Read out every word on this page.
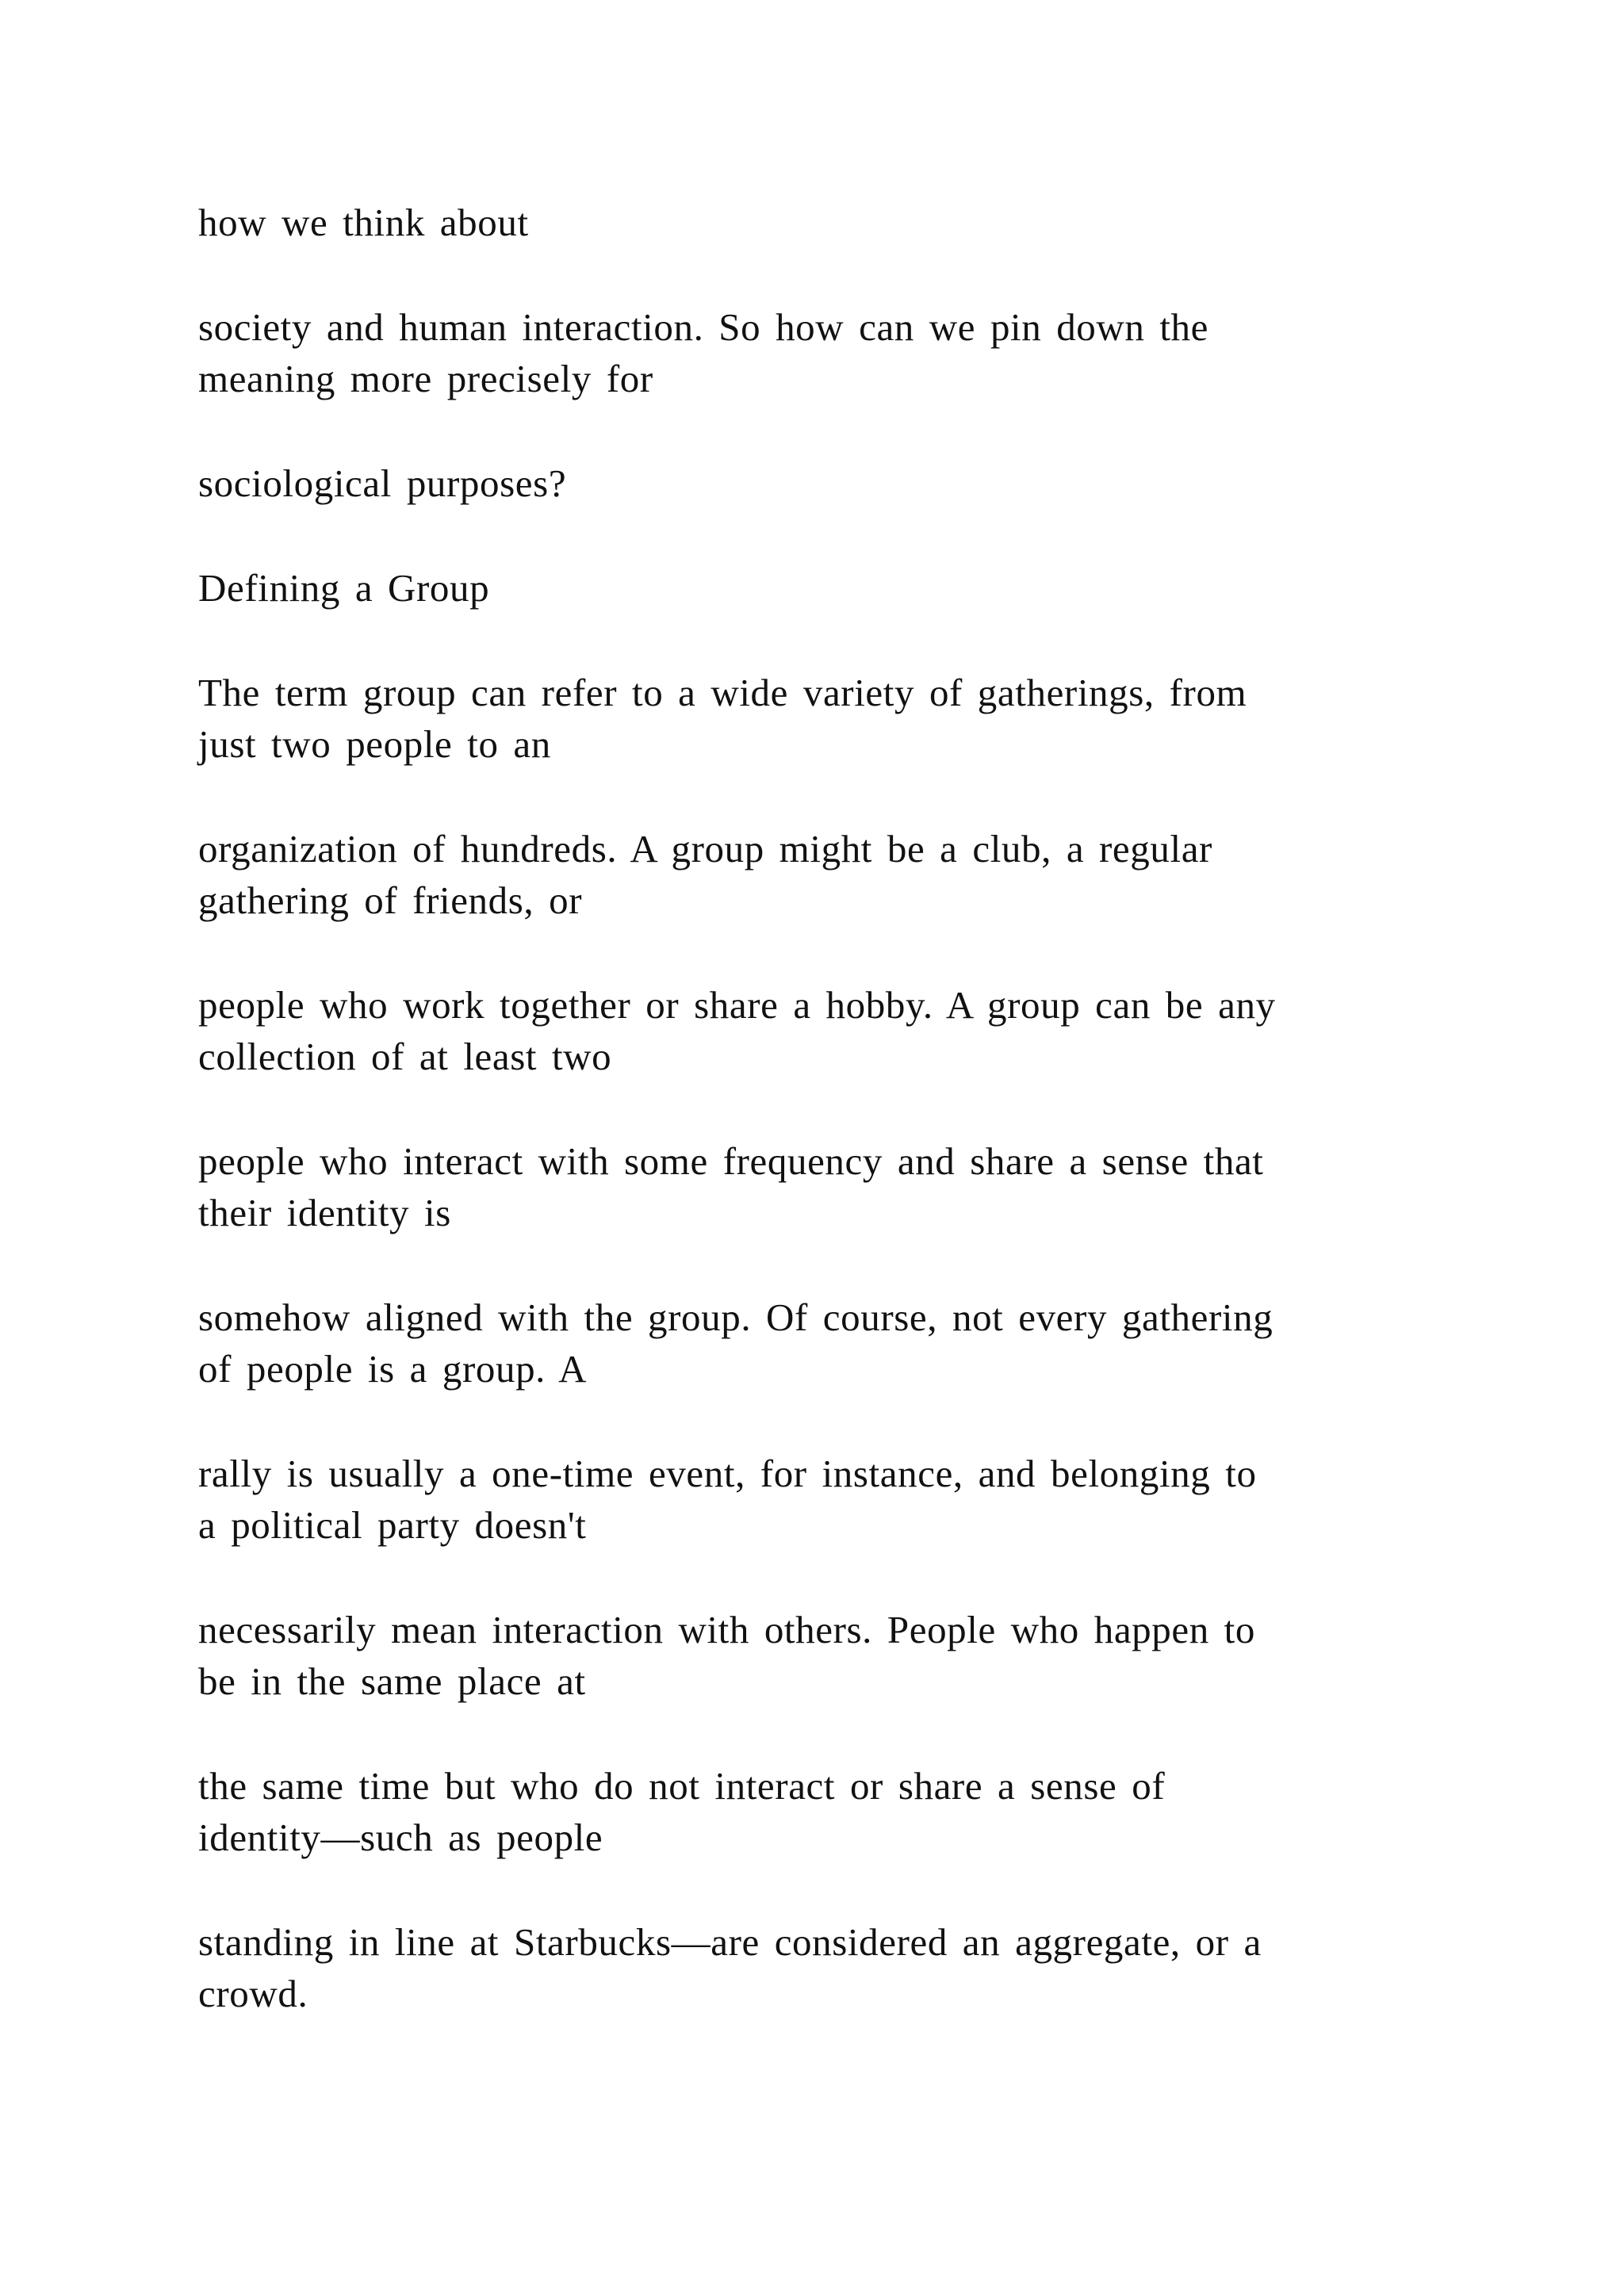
how we think about

society and human interaction. So how can we pin down the
meaning more precisely for

sociological purposes?

Defining a Group

The term group can refer to a wide variety of gatherings, from
just two people to an

organization of hundreds. A group might be a club, a regular
gathering of friends, or

people who work together or share a hobby. A group can be any
collection of at least two

people who interact with some frequency and share a sense that
their identity is

somehow aligned with the group. Of course, not every gathering
of people is a group. A

rally is usually a one-time event, for instance, and belonging to
a political party doesn't

necessarily mean interaction with others. People who happen to
be in the same place at

the same time but who do not interact or share a sense of
identity—such as people

standing in line at Starbucks—are considered an aggregate, or a
crowd.
